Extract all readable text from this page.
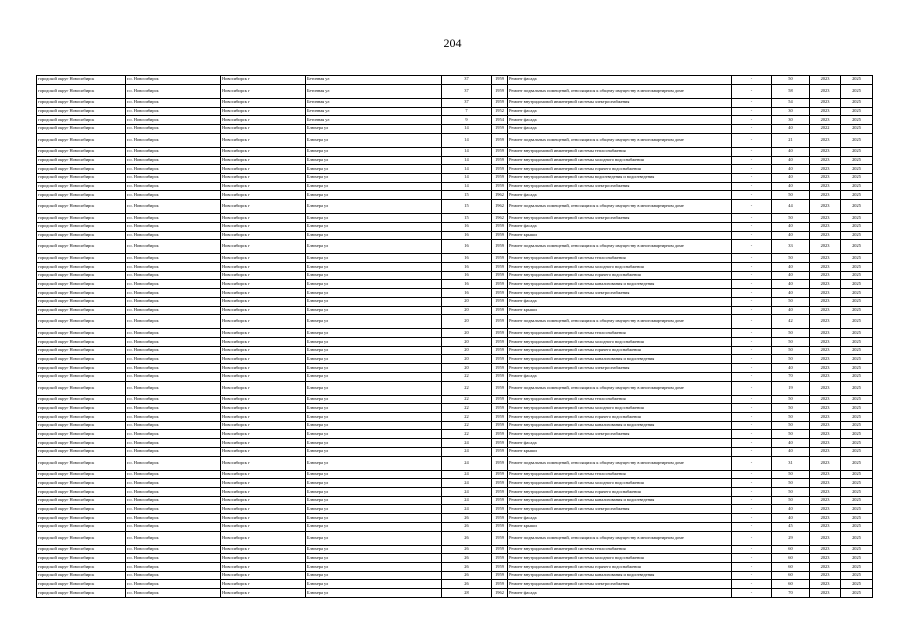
204
городской округ Новосибирск	г.о. Новосибирск	Новосибирск г	Бетонная ул	37	1959	Ремонт фасада	-	50	2023	2025
городской округ Новосибирск	г.о. Новосибирск	Новосибирск г	Бетонная ул	37	1959	Ремонт подвальных помещений, относящихся к общему имуществу в многоквартирном доме	-	58	2023	2025
городской округ Новосибирск	г.о. Новосибирск	Новосибирск г	Бетонная ул	37	1959	Ремонт внутридомовой инженерной системы электроснабжения	-	54	2023	2025
городской округ Новосибирск	г.о. Новосибирск	Новосибирск г	Бетонная ул	7	1952	Ремонт фасада	-	30	2023	2025
городской округ Новосибирск	г.о. Новосибирск	Новосибирск г	Бетонная ул	9	1954	Ремонт фасада	-	30	2023	2025
городской округ Новосибирск	г.о. Новосибирск	Новосибирск г	Блюхера ул	14	1959	Ремонт фасада	-	40	2022	2025
городской округ Новосибирск	г.о. Новосибирск	Новосибирск г	Блюхера ул	14	1959	Ремонт подвальных помещений, относящихся к общему имуществу в многоквартирном доме	-	21	2023	2025
городской округ Новосибирск	г.о. Новосибирск	Новосибирск г	Блюхера ул	14	1959	Ремонт внутридомовой инженерной системы теплоснабжения	-	40	2023	2025
городской округ Новосибирск	г.о. Новосибирск	Новосибирск г	Блюхера ул	14	1959	Ремонт внутридомовой инженерной системы холодного водоснабжения	-	40	2023	2025
городской округ Новосибирск	г.о. Новосибирск	Новосибирск г	Блюхера ул	14	1959	Ремонт внутридомовой инженерной системы горячего водоснабжения	-	40	2023	2025
городской округ Новосибирск	г.о. Новосибирск	Новосибирск г	Блюхера ул	14	1959	Ремонт внутридомовой инженерной системы водоотведения и водоотведения	-	40	2023	2025
городской округ Новосибирск	г.о. Новосибирск	Новосибирск г	Блюхера ул	14	1959	Ремонт внутридомовой инженерной системы электроснабжения	-	40	2023	2025
городской округ Новосибирск	г.о. Новосибирск	Новосибирск г	Блюхера ул	15	1962	Ремонт фасада	-	50	2023	2025
городской округ Новосибирск	г.о. Новосибирск	Новосибирск г	Блюхера ул	15	1962	Ремонт подвальных помещений, относящихся к общему имуществу в многоквартирном доме	-	44	2023	2025
городской округ Новосибирск	г.о. Новосибирск	Новосибирск г	Блюхера ул	15	1962	Ремонт внутридомовой инженерной системы электроснабжения	-	50	2023	2025
городской округ Новосибирск	г.о. Новосибирск	Новосибирск г	Блюхера ул	16	1959	Ремонт фасада	-	40	2023	2025
городской округ Новосибирск	г.о. Новосибирск	Новосибирск г	Блюхера ул	16	1959	Ремонт крыши	-	40	2023	2025
городской округ Новосибирск	г.о. Новосибирск	Новосибирск г	Блюхера ул	16	1959	Ремонт подвальных помещений, относящихся к общему имуществу в многоквартирном доме	-	33	2023	2025
городской округ Новосибирск	г.о. Новосибирск	Новосибирск г	Блюхера ул	16	1959	Ремонт внутридомовой инженерной системы теплоснабжения	-	50	2023	2025
городской округ Новосибирск	г.о. Новосибирск	Новосибирск г	Блюхера ул	16	1959	Ремонт внутридомовой инженерной системы холодного водоснабжения	-	40	2023	2025
городской округ Новосибирск	г.о. Новосибирск	Новосибирск г	Блюхера ул	16	1959	Ремонт внутридомовой инженерной системы горячего водоснабжения	-	40	2023	2025
городской округ Новосибирск	г.о. Новосибирск	Новосибирск г	Блюхера ул	16	1959	Ремонт внутридомовой инженерной системы канализования и водоотведения	-	40	2023	2025
городской округ Новосибирск	г.о. Новосибирск	Новосибирск г	Блюхера ул	16	1959	Ремонт внутридомовой инженерной системы электроснабжения	-	40	2023	2025
городской округ Новосибирск	г.о. Новосибирск	Новосибирск г	Блюхера ул	20	1959	Ремонт фасада	-	50	2023	2025
городской округ Новосибирск	г.о. Новосибирск	Новосибирск г	Блюхера ул	20	1959	Ремонт крыши	-	40	2023	2025
городской округ Новосибирск	г.о. Новосибирск	Новосибирск г	Блюхера ул	20	1959	Ремонт подвальных помещений, относящихся к общему имуществу в многоквартирном доме	-	42	2023	2025
городской округ Новосибирск	г.о. Новосибирск	Новосибирск г	Блюхера ул	20	1959	Ремонт внутридомовой инженерной системы теплоснабжения	-	50	2023	2025
городской округ Новосибирск	г.о. Новосибирск	Новосибирск г	Блюхера ул	20	1959	Ремонт внутридомовой инженерной системы холодного водоснабжения	-	50	2023	2025
городской округ Новосибирск	г.о. Новосибирск	Новосибирск г	Блюхера ул	20	1959	Ремонт внутридомовой инженерной системы горячего водоснабжения	-	50	2023	2025
городской округ Новосибирск	г.о. Новосибирск	Новосибирск г	Блюхера ул	20	1959	Ремонт внутридомовой инженерной системы канализования и водоотведения	-	50	2023	2025
городской округ Новосибирск	г.о. Новосибирск	Новосибирск г	Блюхера ул	20	1959	Ремонт внутридомовой инженерной системы электроснабжения	-	40	2023	2025
городской округ Новосибирск	г.о. Новосибирск	Новосибирск г	Блюхера ул	22	1959	Ремонт фасада	-	70	2023	2025
городской округ Новосибирск	г.о. Новосибирск	Новосибирск г	Блюхера ул	22	1959	Ремонт подвальных помещений, относящихся к общему имуществу в многоквартирном доме	-	19	2023	2025
городской округ Новосибирск	г.о. Новосибирск	Новосибирск г	Блюхера ул	22	1959	Ремонт внутридомовой инженерной системы теплоснабжения	-	50	2023	2025
городской округ Новосибирск	г.о. Новосибирск	Новосибирск г	Блюхера ул	22	1959	Ремонт внутридомовой инженерной системы холодного водоснабжения	-	50	2023	2025
городской округ Новосибирск	г.о. Новосибирск	Новосибирск г	Блюхера ул	22	1959	Ремонт внутридомовой инженерной системы горячего водоснабжения	-	50	2023	2025
городской округ Новосибирск	г.о. Новосибирск	Новосибирск г	Блюхера ул	22	1959	Ремонт внутридомовой инженерной системы канализования и водоотведения	-	50	2023	2025
городской округ Новосибирск	г.о. Новосибирск	Новосибирск г	Блюхера ул	22	1959	Ремонт внутридомовой инженерной системы электроснабжения	-	50	2023	2025
городской округ Новосибирск	г.о. Новосибирск	Новосибирск г	Блюхера ул	24	1959	Ремонт фасада	-	40	2023	2025
городской округ Новосибирск	г.о. Новосибирск	Новосибирск г	Блюхера ул	24	1959	Ремонт крыши	-	40	2023	2025
городской округ Новосибирск	г.о. Новосибирск	Новосибирск г	Блюхера ул	24	1959	Ремонт подвальных помещений, относящихся к общему имуществу в многоквартирном доме	-	31	2023	2025
городской округ Новосибирск	г.о. Новосибирск	Новосибирск г	Блюхера ул	24	1959	Ремонт внутридомовой инженерной системы теплоснабжения	-	50	2023	2025
городской округ Новосибирск	г.о. Новосибирск	Новосибирск г	Блюхера ул	24	1959	Ремонт внутридомовой инженерной системы холодного водоснабжения	-	50	2023	2025
городской округ Новосибирск	г.о. Новосибирск	Новосибирск г	Блюхера ул	24	1959	Ремонт внутридомовой инженерной системы горячего водоснабжения	-	50	2023	2025
городской округ Новосибирск	г.о. Новосибирск	Новосибирск г	Блюхера ул	24	1959	Ремонт внутридомовой инженерной системы канализования и водоотведения	-	50	2023	2025
городской округ Новосибирск	г.о. Новосибирск	Новосибирск г	Блюхера ул	24	1959	Ремонт внутридомовой инженерной системы электроснабжения	-	40	2023	2025
городской округ Новосибирск	г.о. Новосибирск	Новосибирск г	Блюхера ул	26	1959	Ремонт фасада	-	40	2023	2025
городской округ Новосибирск	г.о. Новосибирск	Новосибирск г	Блюхера ул	26	1959	Ремонт крыши	-	45	2023	2025
городской округ Новосибирск	г.о. Новосибирск	Новосибирск г	Блюхера ул	26	1959	Ремонт подвальных помещений, относящихся к общему имуществу в многоквартирном доме	-	29	2023	2025
городской округ Новосибирск	г.о. Новосибирск	Новосибирск г	Блюхера ул	26	1959	Ремонт внутридомовой инженерной системы теплоснабжения	-	60	2023	2025
городской округ Новосибирск	г.о. Новосибирск	Новосибирск г	Блюхера ул	26	1959	Ремонт внутридомовой инженерной системы холодного водоснабжения	-	60	2023	2025
городской округ Новосибирск	г.о. Новосибирск	Новосибирск г	Блюхера ул	26	1959	Ремонт внутридомовой инженерной системы горячего водоснабжения	-	60	2023	2025
городской округ Новосибирск	г.о. Новосибирск	Новосибирск г	Блюхера ул	26	1959	Ремонт внутридомовой инженерной системы канализования и водоотведения	-	60	2023	2025
городской округ Новосибирск	г.о. Новосибирск	Новосибирск г	Блюхера ул	26	1959	Ремонт внутридомовой инженерной системы электроснабжения	-	60	2023	2025
городской округ Новосибирск	г.о. Новосибирск	Новосибирск г	Блюхера ул	28	1962	Ремонт фасада	-	70	2023	2025
